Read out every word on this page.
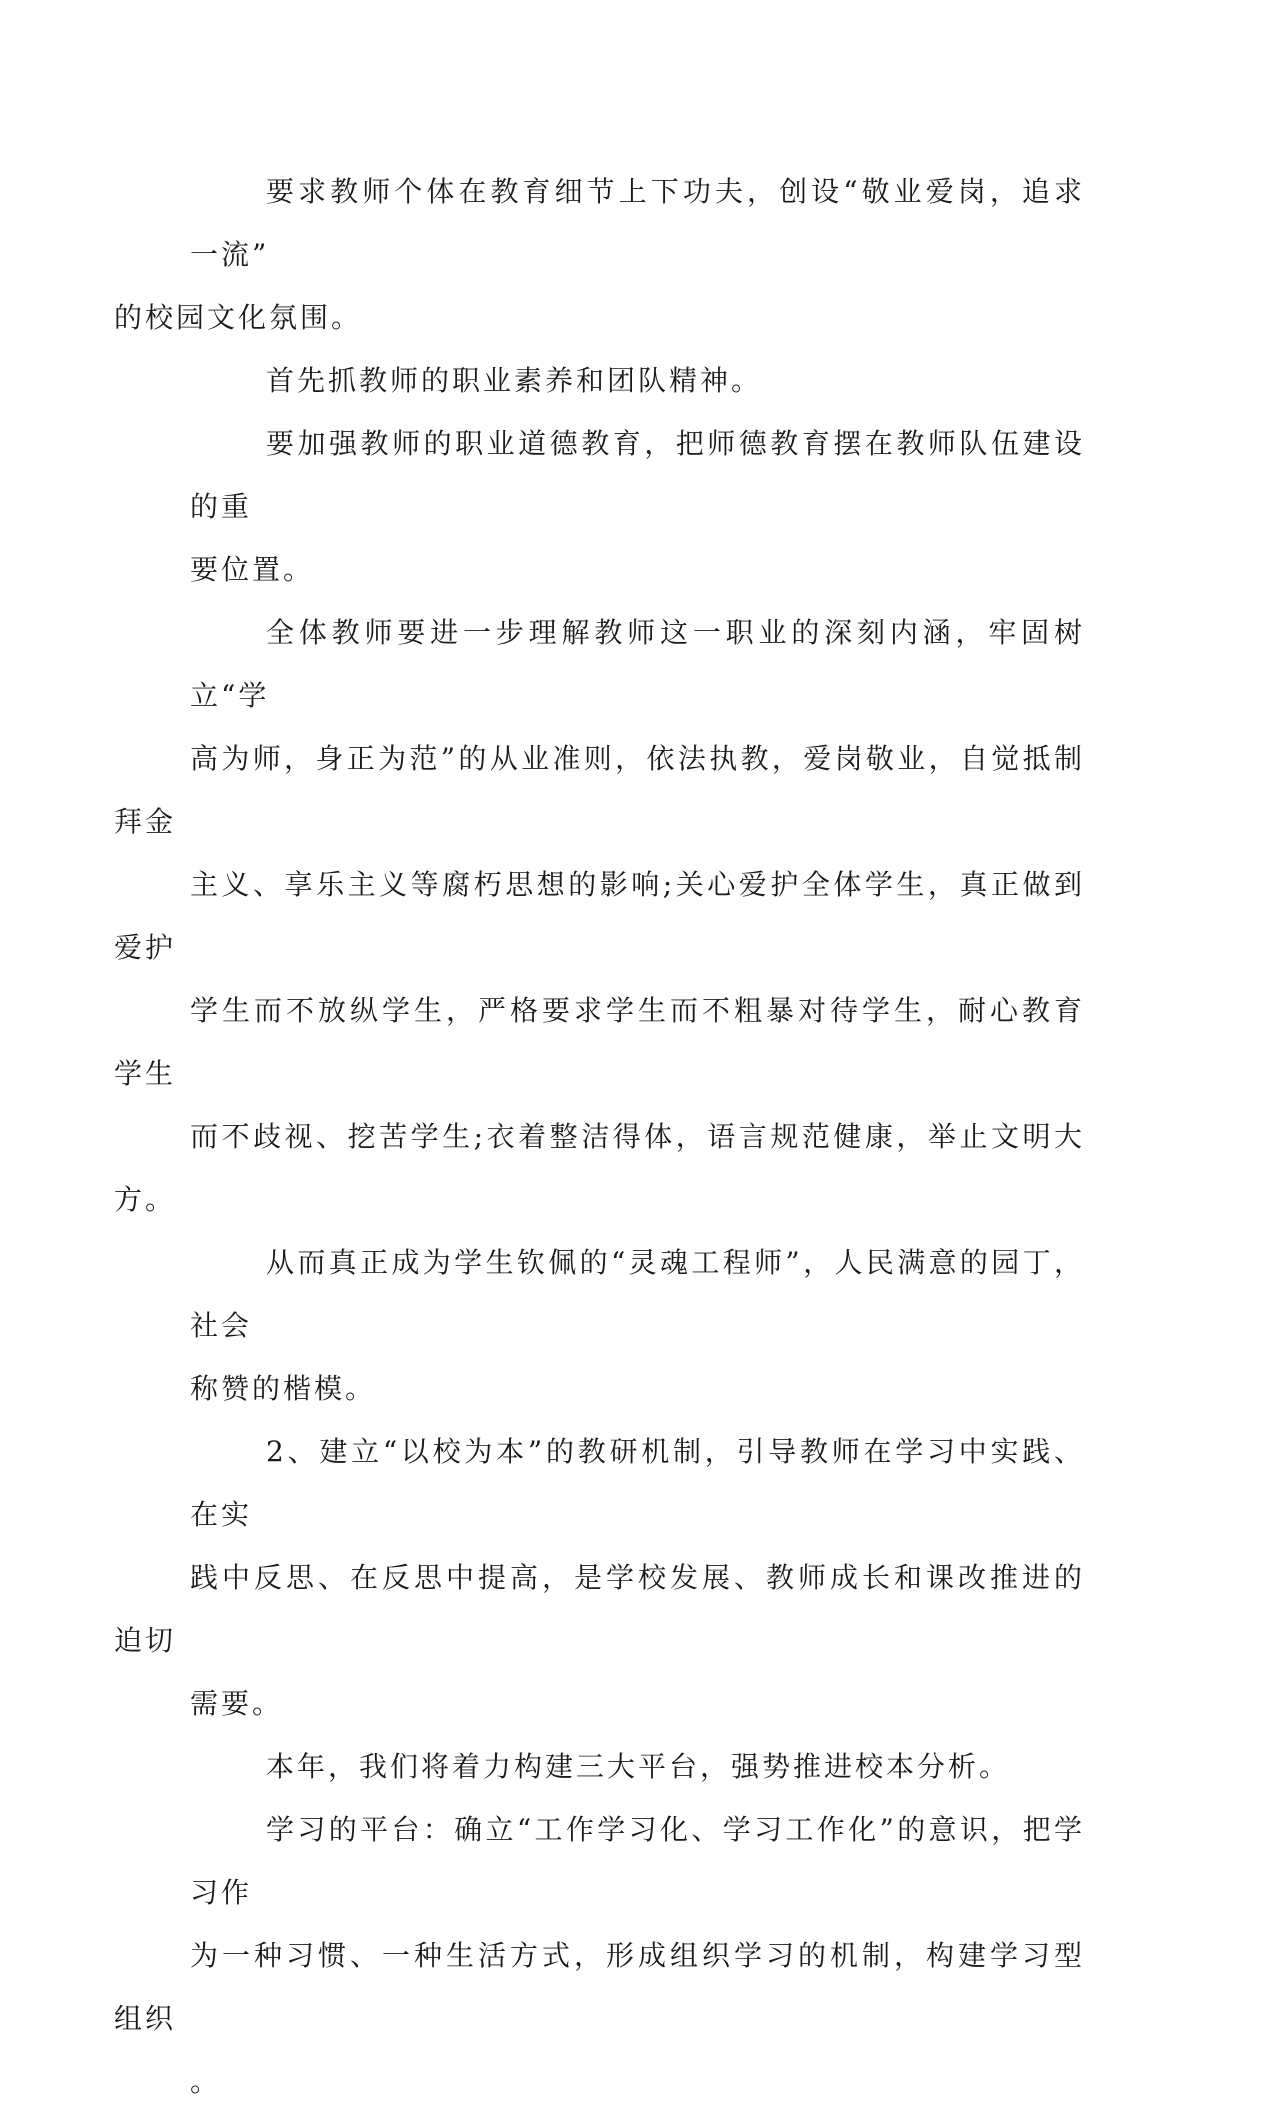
要求教师个体在教育细节上下功夫，创设“敬业爱岗，追求一流”
的校园文化氛围。

首先抓教师的职业素养和团队精神。

要加强教师的职业道德教育，把师德教育摆在教师队伍建设的重
要位置。

全体教师要进一步理解教师这一职业的深刻内涵，牢固树立“学
高为师，身正为范”的从业准则，依法执教，爱岗敬业，自觉抵制拜金
主义、享乐主义等腐朽思想的影响;关心爱护全体学生，真正做到爱护
学生而不放纵学生，严格要求学生而不粗暴对待学生，耐心教育学生
而不歧视、挖苦学生;衣着整洁得体，语言规范健康，举止文明大方。

从而真正成为学生钦佩的“灵魂工程师”，人民满意的园丁，社会
称赞的楷模。

2、建立“以校为本”的教研机制，引导教师在学习中实践、在实
践中反思、在反思中提高，是学校发展、教师成长和课改推进的迫切
需要。

本年，我们将着力构建三大平台，强势推进校本分析。

学习的平台：确立“工作学习化、学习工作化”的意识，把学习作
为一种习惯、一种生活方式，形成组织学习的机制，构建学习型组织
。
